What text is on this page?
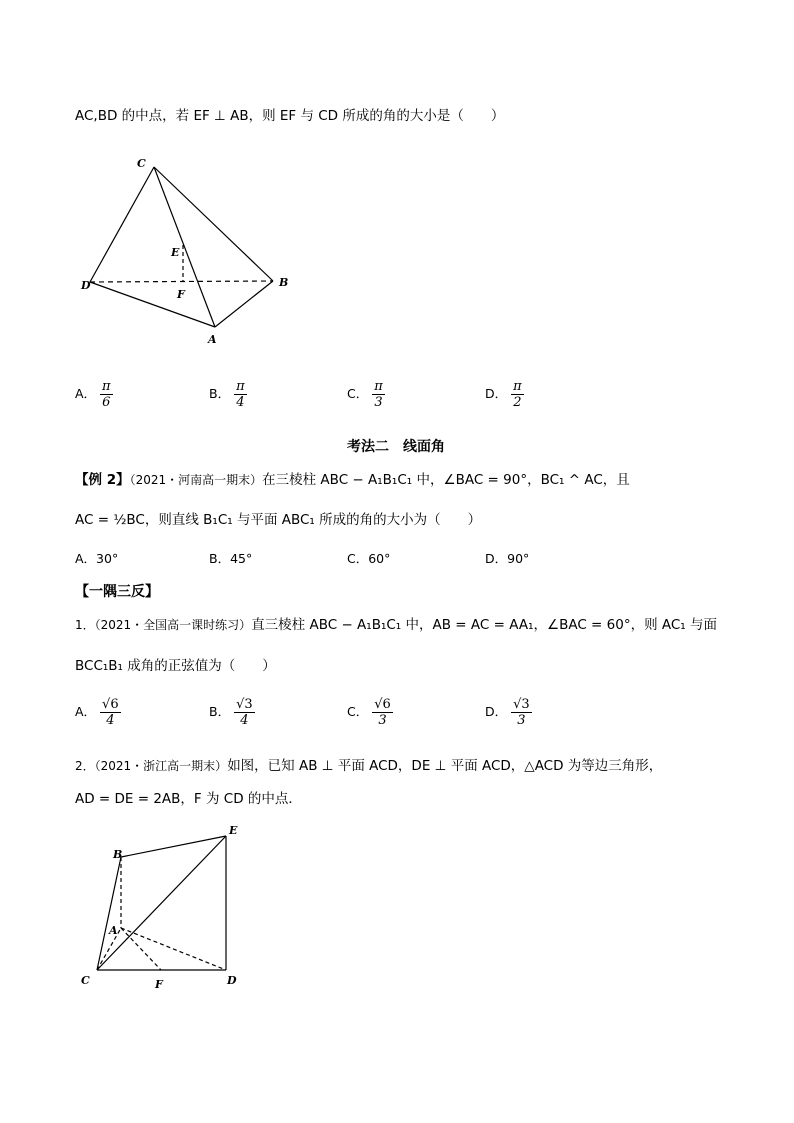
AC,BD 的中点，若 EF ⊥ AB，则 EF 与 CD 所成的角的大小是（　　）
C
E
D
F
B
A
A． $\frac{\pi}{6}$	B． $\frac{\pi}{4}$	C． $\frac{\pi}{3}$	D． $\frac{\pi}{2}$
考法二　线面角
【例 2】（2021・河南高一期末）在三棱柱 ABC − A₁B₁C₁ 中，∠BAC = 90°，BC₁ ^ AC，且
AC = ½BC，则直线 B₁C₁ 与平面 ABC₁ 所成的角的大小为（　　）
A．30°	B．45°	C．60°	D．90°
【一隅三反】
1．（2021・全国高一课时练习）直三棱柱 ABC − A₁B₁C₁ 中，AB = AC = AA₁，∠BAC = 60°，则 AC₁ 与面
BCC₁B₁ 成角的正弦值为（　　）
A． $\frac{√6}{4}$	B． $\frac{√3}{4}$	C． $\frac{√6}{3}$	D． $\frac{√3}{3}$
2．（2021・浙江高一期末）如图，已知 AB ⊥ 平面 ACD，DE ⊥ 平面 ACD，△ACD 为等边三角形，
AD = DE = 2AB，F 为 CD 的中点．
B
E
A
C	F	D
